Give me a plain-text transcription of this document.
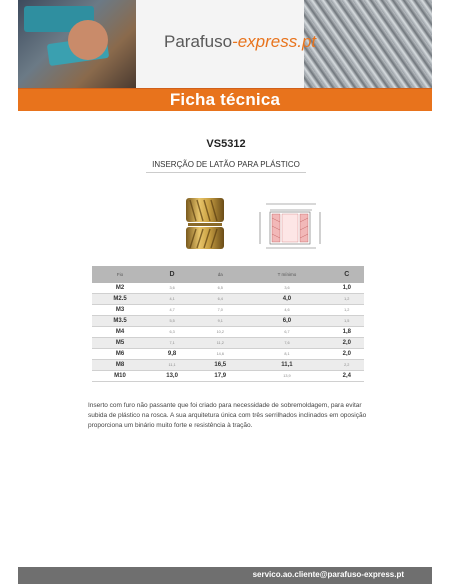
Parafuso-express.pt
Ficha técnica
VS5312
INSERÇÃO DE LATÃO PARA PLÁSTICO
Fio	D	da	T mínimo	C
M2	3,6	6,5	3,6	1,0
M2.5	4,1	6,4	4,0	1,2
M3	4,7	7,0	4,6	1,2
M3.5	5,5	9,1	6,0	1,5
M4	6,3	10,2	6,7	1,8
M5	7,1	11,2	7,6	2,0
M6	9,8	14,6	8,1	2,0
M8	11,1	16,5	11,1	2,2
M10	13,0	17,9	13,9	2,4
Inserto com furo não passante que foi criado para necessidade de sobremoldagem, para evitar subida de plástico na rosca. A sua arquitetura única com três serrilhados inclinados em oposição proporciona um binário muito forte e resistência à tração.
servico.ao.cliente@parafuso-express.pt
